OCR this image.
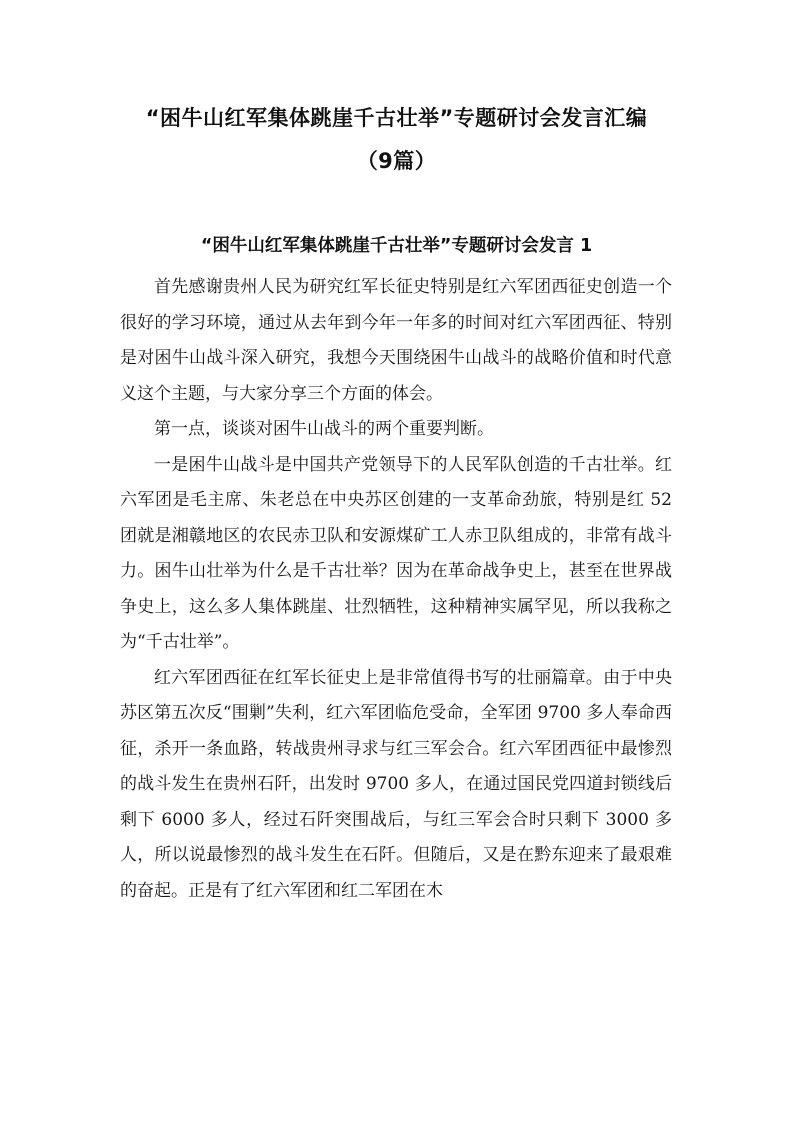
“困牛山红军集体跳崖千古壮举”专题研讨会发言汇编
（9篇）
“困牛山红军集体跳崖千古壮举”专题研讨会发言 1

首先感谢贵州人民为研究红军长征史特别是红六军团西征史创造一个很好的学习环境，通过从去年到今年一年多的时间对红六军团西征、特别是对困牛山战斗深入研究，我想今天围绕困牛山战斗的战略价值和时代意义这个主题，与大家分享三个方面的体会。

第一点，谈谈对困牛山战斗的两个重要判断。

一是困牛山战斗是中国共产党领导下的人民军队创造的千古壮举。红六军团是毛主席、朱老总在中央苏区创建的一支革命劲旅，特别是红 52 团就是湘赣地区的农民赤卫队和安源煤矿工人赤卫队组成的，非常有战斗力。困牛山壮举为什么是千古壮举？因为在革命战争史上，甚至在世界战争史上，这么多人集体跳崖、壮烈牺牲，这种精神实属罕见，所以我称之为“千古壮举”。

红六军团西征在红军长征史上是非常值得书写的壮丽篇章。由于中央苏区第五次反“围剿”失利，红六军团临危受命，全军团 9700 多人奉命西征，杀开一条血路，转战贵州寻求与红三军会合。红六军团西征中最惨烈的战斗发生在贵州石阡，出发时 9700 多人，在通过国民党四道封锁线后剩下 6000 多人，经过石阡突围战后，与红三军会合时只剩下 3000 多人，所以说最惨烈的战斗发生在石阡。但随后，又是在黔东迎来了最艰难的奋起。正是有了红六军团和红二军团在木
